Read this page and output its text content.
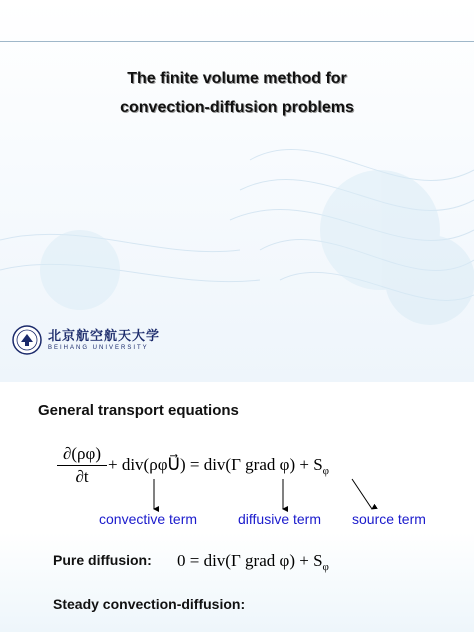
The finite volume method for
convection-diffusion problems
北京航空航天大学
BEIHANG UNIVERSITY
General transport equations
∂(ρφ)
∂t
+ div(ρφU⃗) = div(Γ grad $\varphi) + S_\varphi$
convective term	diffusive term source term
Pure diffusion: 0 = div(Γ grad $\varphi) + S_\varphi$
Steady convection-diffusion:
